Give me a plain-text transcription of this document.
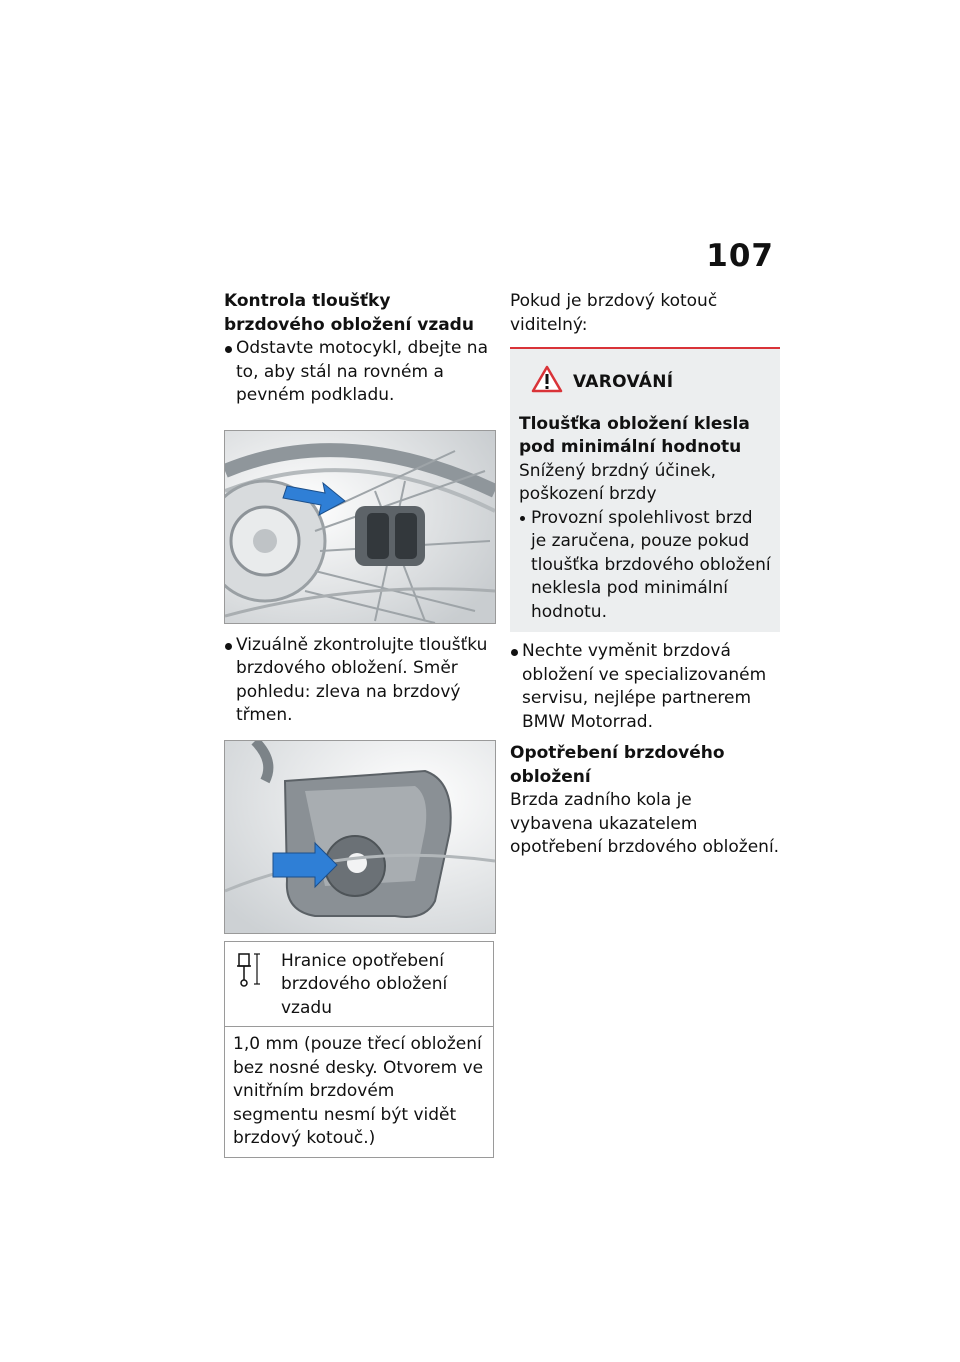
107

Kontrola tloušťky brzdového obložení vzadu

Odstavte motocykl, dbejte na to, aby stál na rovném a pevném podkladu.

Vizuálně zkontrolujte tloušťku brzdového obložení. Směr pohledu: zleva na brzdový třmen.

Hranice opotřebení brzdového obložení vzadu
1,0 mm (pouze třecí obložení bez nosné desky. Otvorem ve vnitřním brzdovém segmentu nesmí být vidět brzdový kotouč.)

Pokud je brzdový kotouč viditelný:

VAROVÁNÍ

Tloušťka obložení klesla pod minimální hodnotu

Snížený brzdný účinek, poškození brzdy

Provozní spolehlivost brzd je zaručena, pouze pokud tloušťka brzdového obložení neklesla pod minimální hodnotu.

Nechte vyměnit brzdová obložení ve specializovaném servisu, nejlépe partnerem BMW Motorrad.

Opotřebení brzdového obložení

Brzda zadního kola je vybavena ukazatelem opotřebení brzdového obložení.
